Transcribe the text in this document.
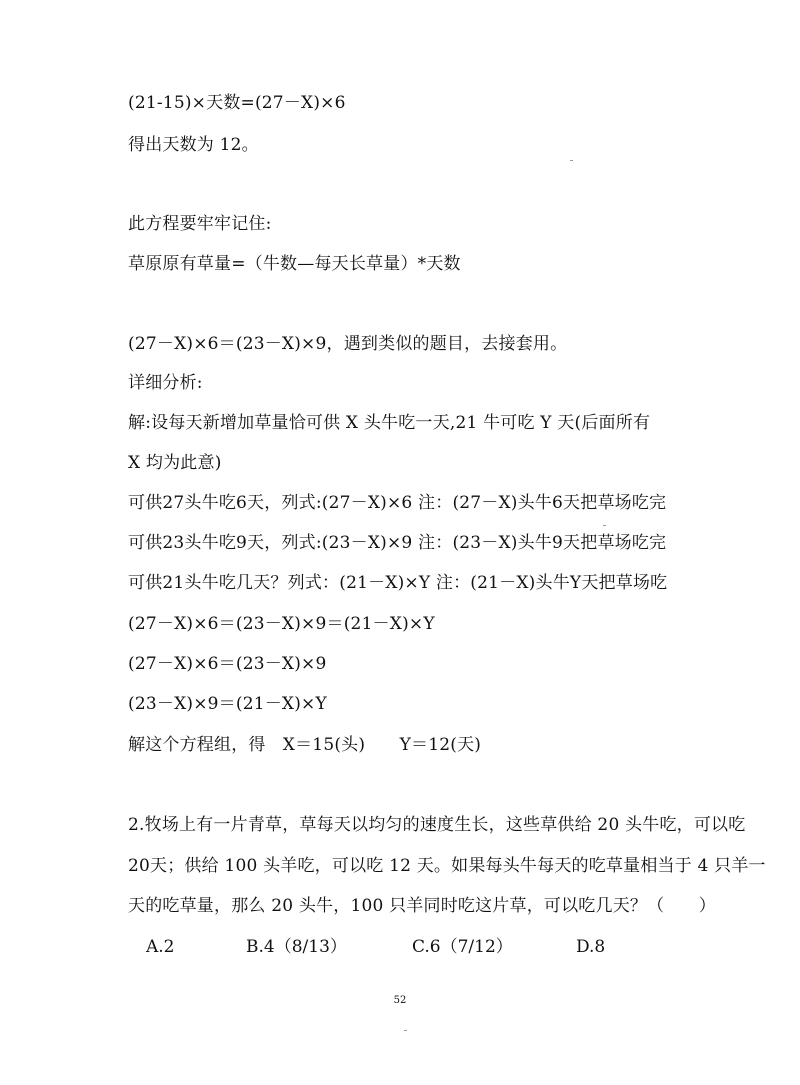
(21-15)×天数=(27－X)×6
得出天数为 12。
此方程要牢牢记住:
草原原有草量=（牛数—每天长草量）*天数
(27－X)×6＝(23－X)×9，遇到类似的题目，去接套用。
详细分析:
解:设每天新增加草量恰可供 X 头牛吃一天,21 牛可吃 Y 天(后面所有
X 均为此意)
可供27头牛吃6天，列式:(27－X)×6 注：(27－X)头牛6天把草场吃完
可供23头牛吃9天，列式:(23－X)×9 注：(23－X)头牛9天把草场吃完
可供21头牛吃几天？列式：(21－X)×Y 注：(21－X)头牛Y天把草场吃
(27－X)×6＝(23－X)×9＝(21－X)×Y
(27－X)×6＝(23－X)×9
(23－X)×9＝(21－X)×Y
解这个方程组，得　X＝15(头)　　Y＝12(天)
2.牧场上有一片青草，草每天以均匀的速度生长，这些草供给 20 头牛吃，可以吃
20天；供给 100 头羊吃，可以吃 12 天。如果每头牛每天的吃草量相当于 4 只羊一
天的吃草量，那么 20 头牛，100 只羊同时吃这片草，可以吃几天？（　　）
A.2	B.4（8/13）	C.6（7/12）	D.8
52
